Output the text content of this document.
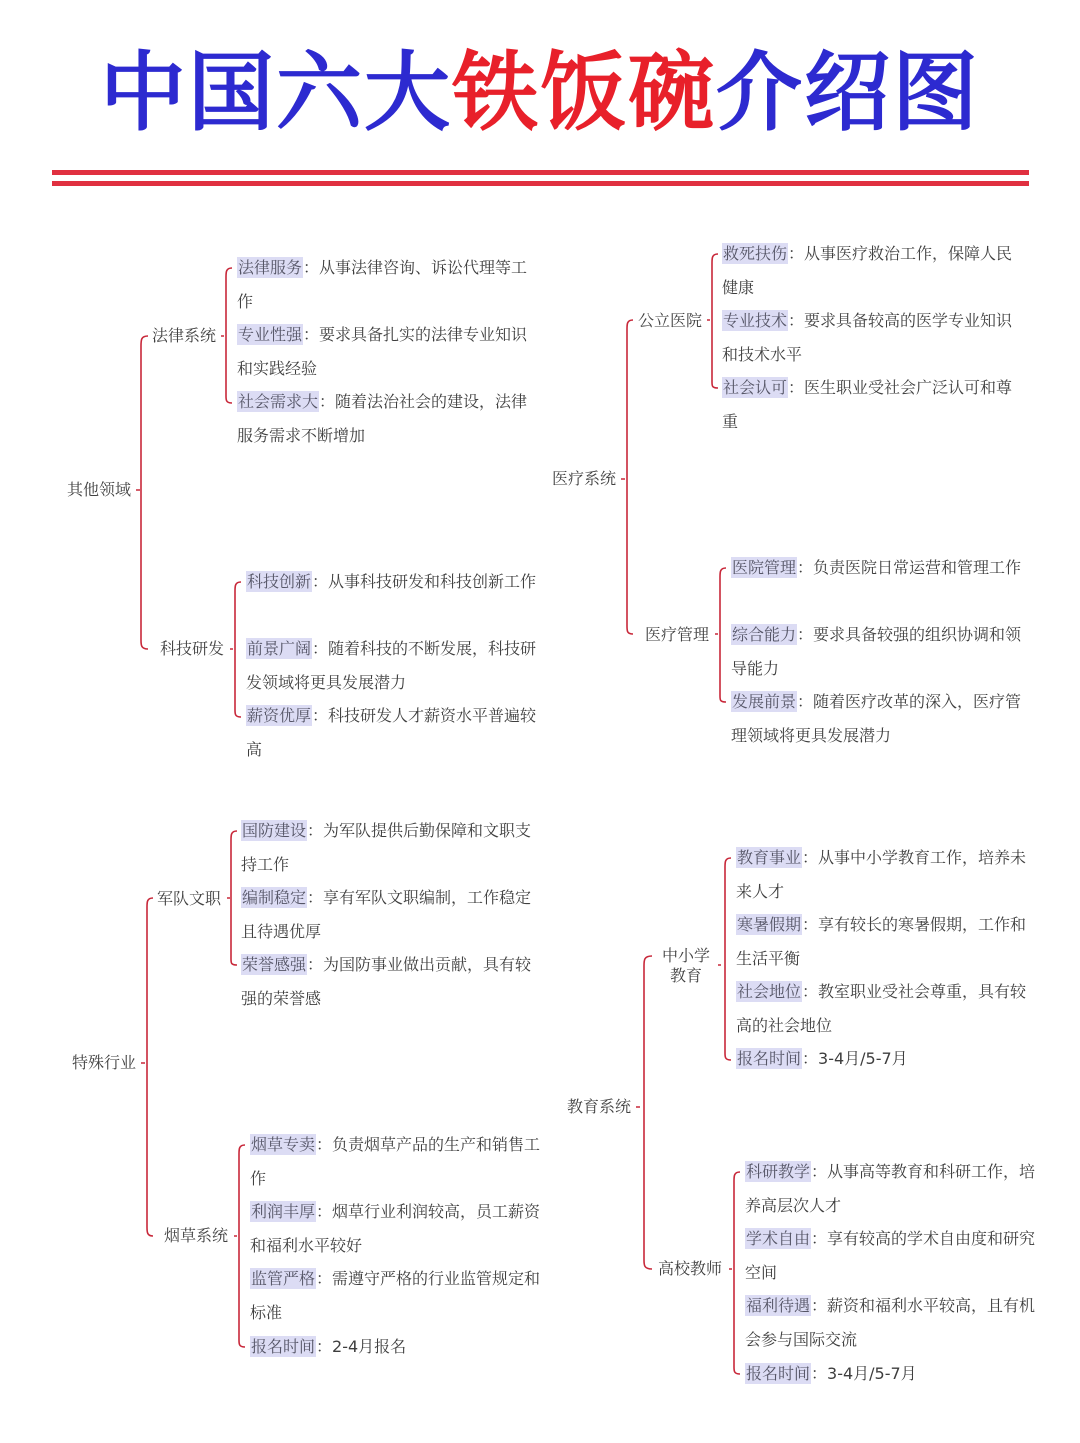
中国六大铁饭碗介绍图
其他领域
法律系统
科技研发
法律服务：从事法律咨询、诉讼代理等工作
专业性强：要求具备扎实的法律专业知识和实践经验
社会需求大：随着法治社会的建设，法律服务需求不断增加
科技创新：从事科技研发和科技创新工作
前景广阔：随着科技的不断发展，科技研发领域将更具发展潜力
薪资优厚：科技研发人才薪资水平普遍较高
医疗系统
公立医院
医疗管理
救死扶伤：从事医疗救治工作，保障人民健康
专业技术：要求具备较高的医学专业知识和技术水平
社会认可：医生职业受社会广泛认可和尊重
医院管理：负责医院日常运营和管理工作
综合能力：要求具备较强的组织协调和领导能力
发展前景：随着医疗改革的深入，医疗管理领域将更具发展潜力
特殊行业
军队文职
烟草系统
国防建设：为军队提供后勤保障和文职支持工作
编制稳定：享有军队文职编制，工作稳定且待遇优厚
荣誉感强：为国防事业做出贡献，具有较强的荣誉感
烟草专卖：负责烟草产品的生产和销售工作
利润丰厚：烟草行业利润较高，员工薪资和福利水平较好
监管严格：需遵守严格的行业监管规定和标准
报名时间：2-4月报名
教育系统
中小学
教育
高校教师
教育事业：从事中小学教育工作，培养未来人才
寒暑假期：享有较长的寒暑假期，工作和生活平衡
社会地位：教室职业受社会尊重，具有较高的社会地位
报名时间：3-4月/5-7月
科研教学：从事高等教育和科研工作，培养高层次人才
学术自由：享有较高的学术自由度和研究空间
福利待遇：薪资和福利水平较高，且有机会参与国际交流
报名时间：3-4月/5-7月
